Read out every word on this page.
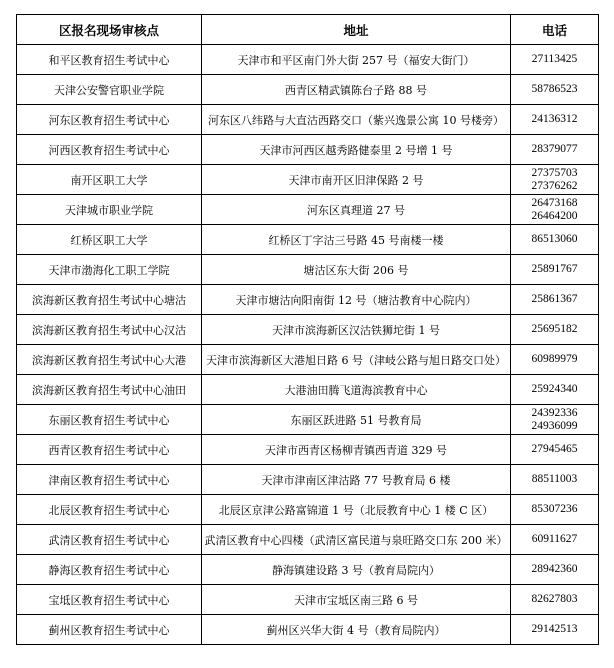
区报名现场审核点	地址	电话
和平区教育招生考试中心	天津市和平区南门外大街 257 号（福安大街门）	27113425

天津公安警官职业学院	西青区精武镇陈台子路 88 号	58786523

河东区教育招生考试中心	河东区八纬路与大直沽西路交口（紫兴逸景公寓 10 号楼旁）	24136312

河西区教育招生考试中心	天津市河西区越秀路健泰里 2 号增 1 号	28379077

南开区职工大学	天津市南开区旧津保路 2 号	27375703
27376262

天津城市职业学院	河东区真理道 27 号	26473168
26464200

红桥区职工大学	红桥区丁字沽三号路 45 号南楼一楼	86513060

天津市渤海化工职工学院	塘沽区东大街 206 号	25891767

滨海新区教育招生考试中心塘沽	天津市塘沽向阳南街 12 号（塘沽教育中心院内）	25861367

滨海新区教育招生考试中心汉沽	天津市滨海新区汉沽铁狮坨街 1 号	25695182

滨海新区教育招生考试中心大港	天津市滨海新区大港旭日路 6 号（津岐公路与旭日路交口处）	60989979

滨海新区教育招生考试中心油田	大港油田腾飞道海滨教育中心	25924340

东丽区教育招生考试中心	东丽区跃进路 51 号教育局	24392336
24936099

西青区教育招生考试中心	天津市西青区杨柳青镇西青道 329 号	27945465

津南区教育招生考试中心	天津市津南区津沽路 77 号教育局 6 楼	88511003

北辰区教育招生考试中心	北辰区京津公路富锦道 1 号（北辰教育中心 1 楼 C 区）	85307236

武清区教育招生考试中心	武清区教育中心四楼（武清区富民道与泉旺路交口东 200 米）	60911627

静海区教育招生考试中心	静海镇建设路 3 号（教育局院内）	28942360

宝坻区教育招生考试中心	天津市宝坻区南三路 6 号	82627803

蓟州区教育招生考试中心	蓟州区兴华大街 4 号（教育局院内）	29142513
